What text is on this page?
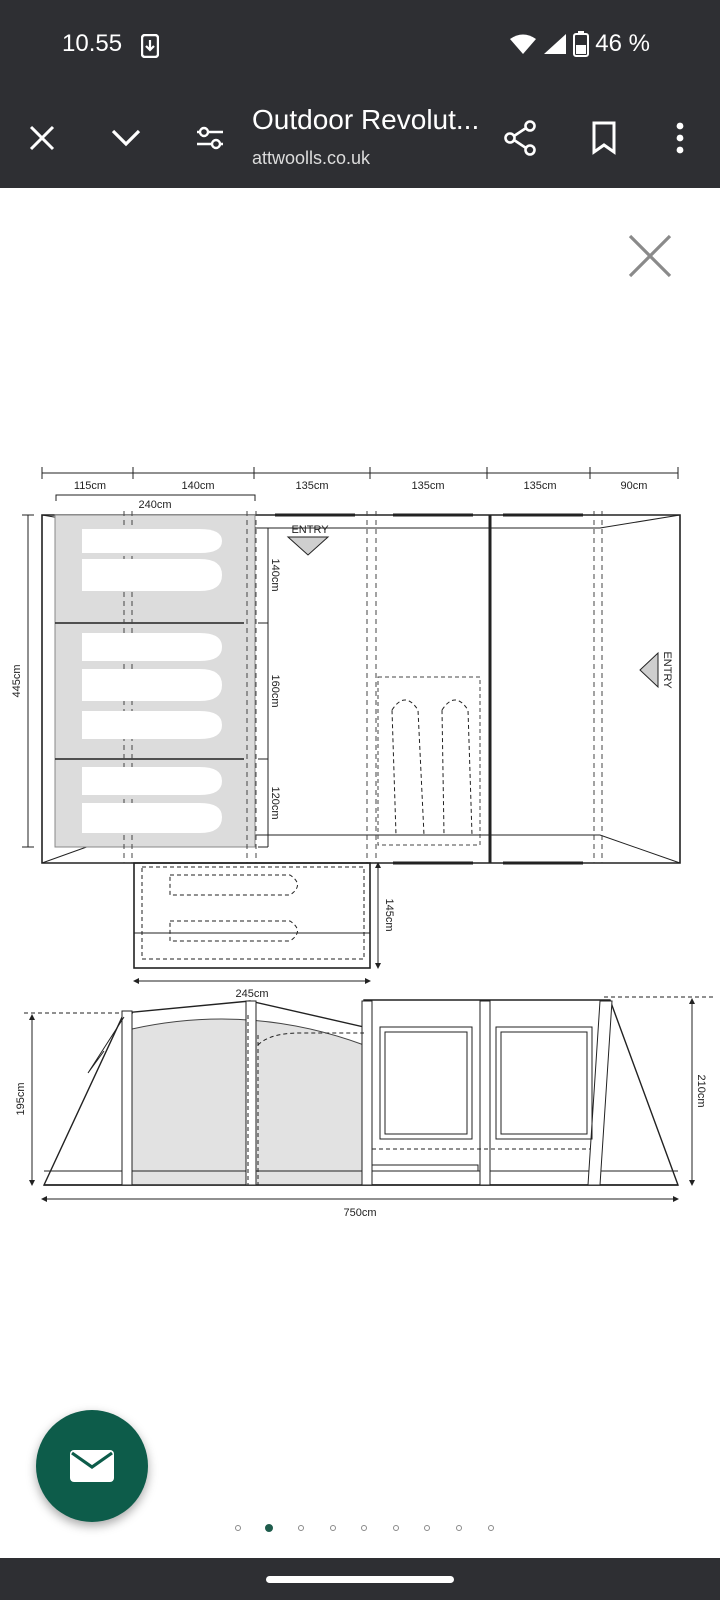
10.55	46 %
Outdoor Revolut...
attwoolls.co.uk
115cm	140cm	135cm	135cm	135cm	90cm
240cm
ENTRY
ENTRY
140cm
160cm
120cm
445cm
245cm
145cm
195cm	210cm
750cm
